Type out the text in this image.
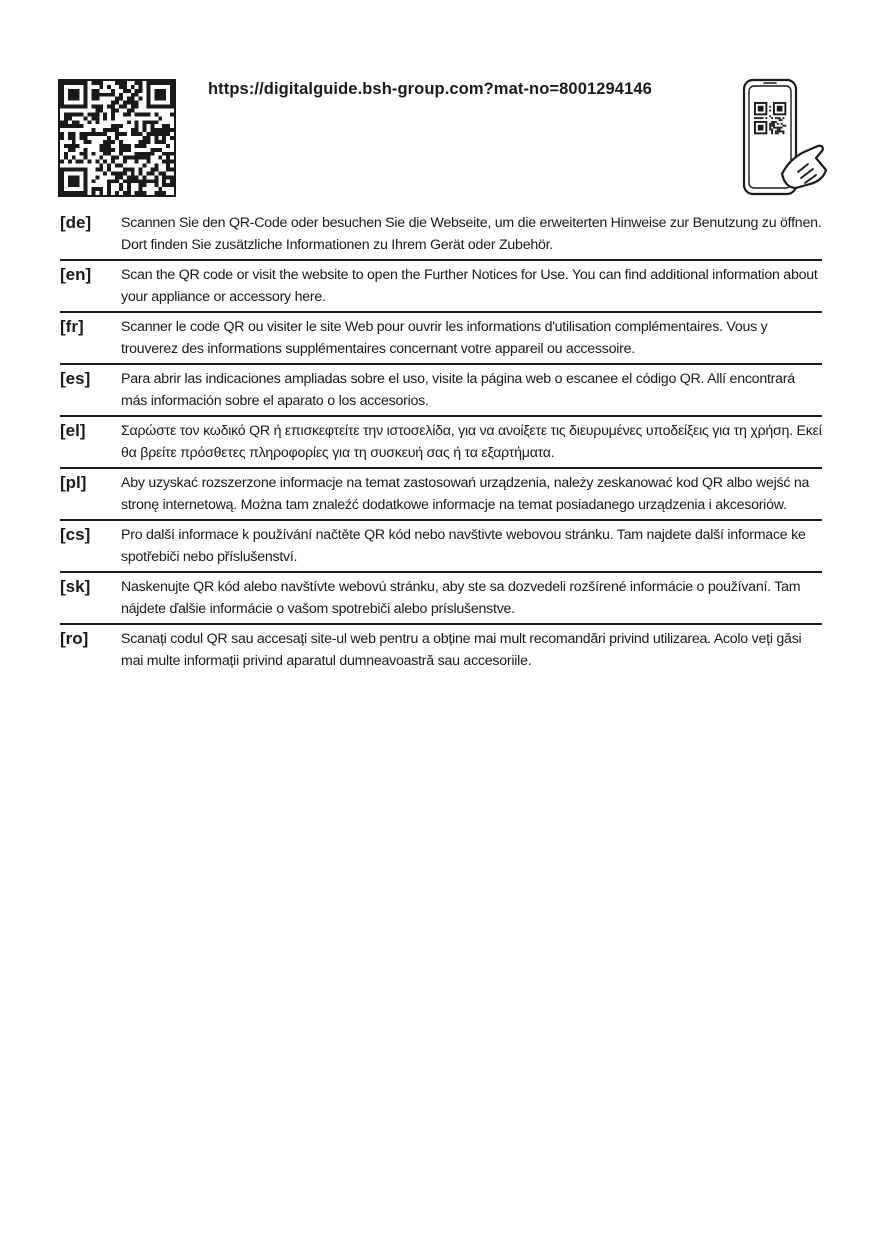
https://digitalguide.bsh-group.com?mat-no=8001294146
[de]	Scannen Sie den QR-Code oder besuchen Sie die Webseite, um die erweiterten Hinweise zur Benutzung zu öffnen. Dort finden Sie zusätzliche Informationen zu Ihrem Gerät oder Zubehör.
[en]	Scan the QR code or visit the website to open the Further Notices for Use. You can find additional information about your appliance or accessory here.
[fr]	Scanner le code QR ou visiter le site Web pour ouvrir les informations d'utilisation complémentaires. Vous y trouverez des informations supplémentaires concernant votre appareil ou accessoire.
[es]	Para abrir las indicaciones ampliadas sobre el uso, visite la página web o escanee el código QR. Allí encontrará más información sobre el aparato o los accesorios.
[el]	Σαρώστε τον κωδικό QR ή επισκεφτείτε την ιστοσελίδα, για να ανοίξετε τις διευρυμένες υποδείξεις για τη χρήση. Εκεί θα βρείτε πρόσθετες πληροφορίες για τη συσκευή σας ή τα εξαρτήματα.
[pl]	Aby uzyskać rozszerzone informacje na temat zastosowań urządzenia, należy zeskanować kod QR albo wejść na stronę internetową. Można tam znaleźć dodatkowe informacje na temat posiadanego urządzenia i akcesoriów.
[cs]	Pro další informace k používání načtěte QR kód nebo navštivte webovou stránku. Tam najdete další informace ke spotřebiči nebo příslušenství.
[sk]	Naskenujte QR kód alebo navštívte webovú stránku, aby ste sa dozvedeli rozšírené informácie o používaní. Tam nájdete ďalšie informácie o vašom spotrebiči alebo príslušenstve.
[ro]	Scanați codul QR sau accesați site-ul web pentru a obține mai mult recomandări privind utilizarea. Acolo veți găsi mai multe informații privind aparatul dumneavoastră sau accesoriile.
